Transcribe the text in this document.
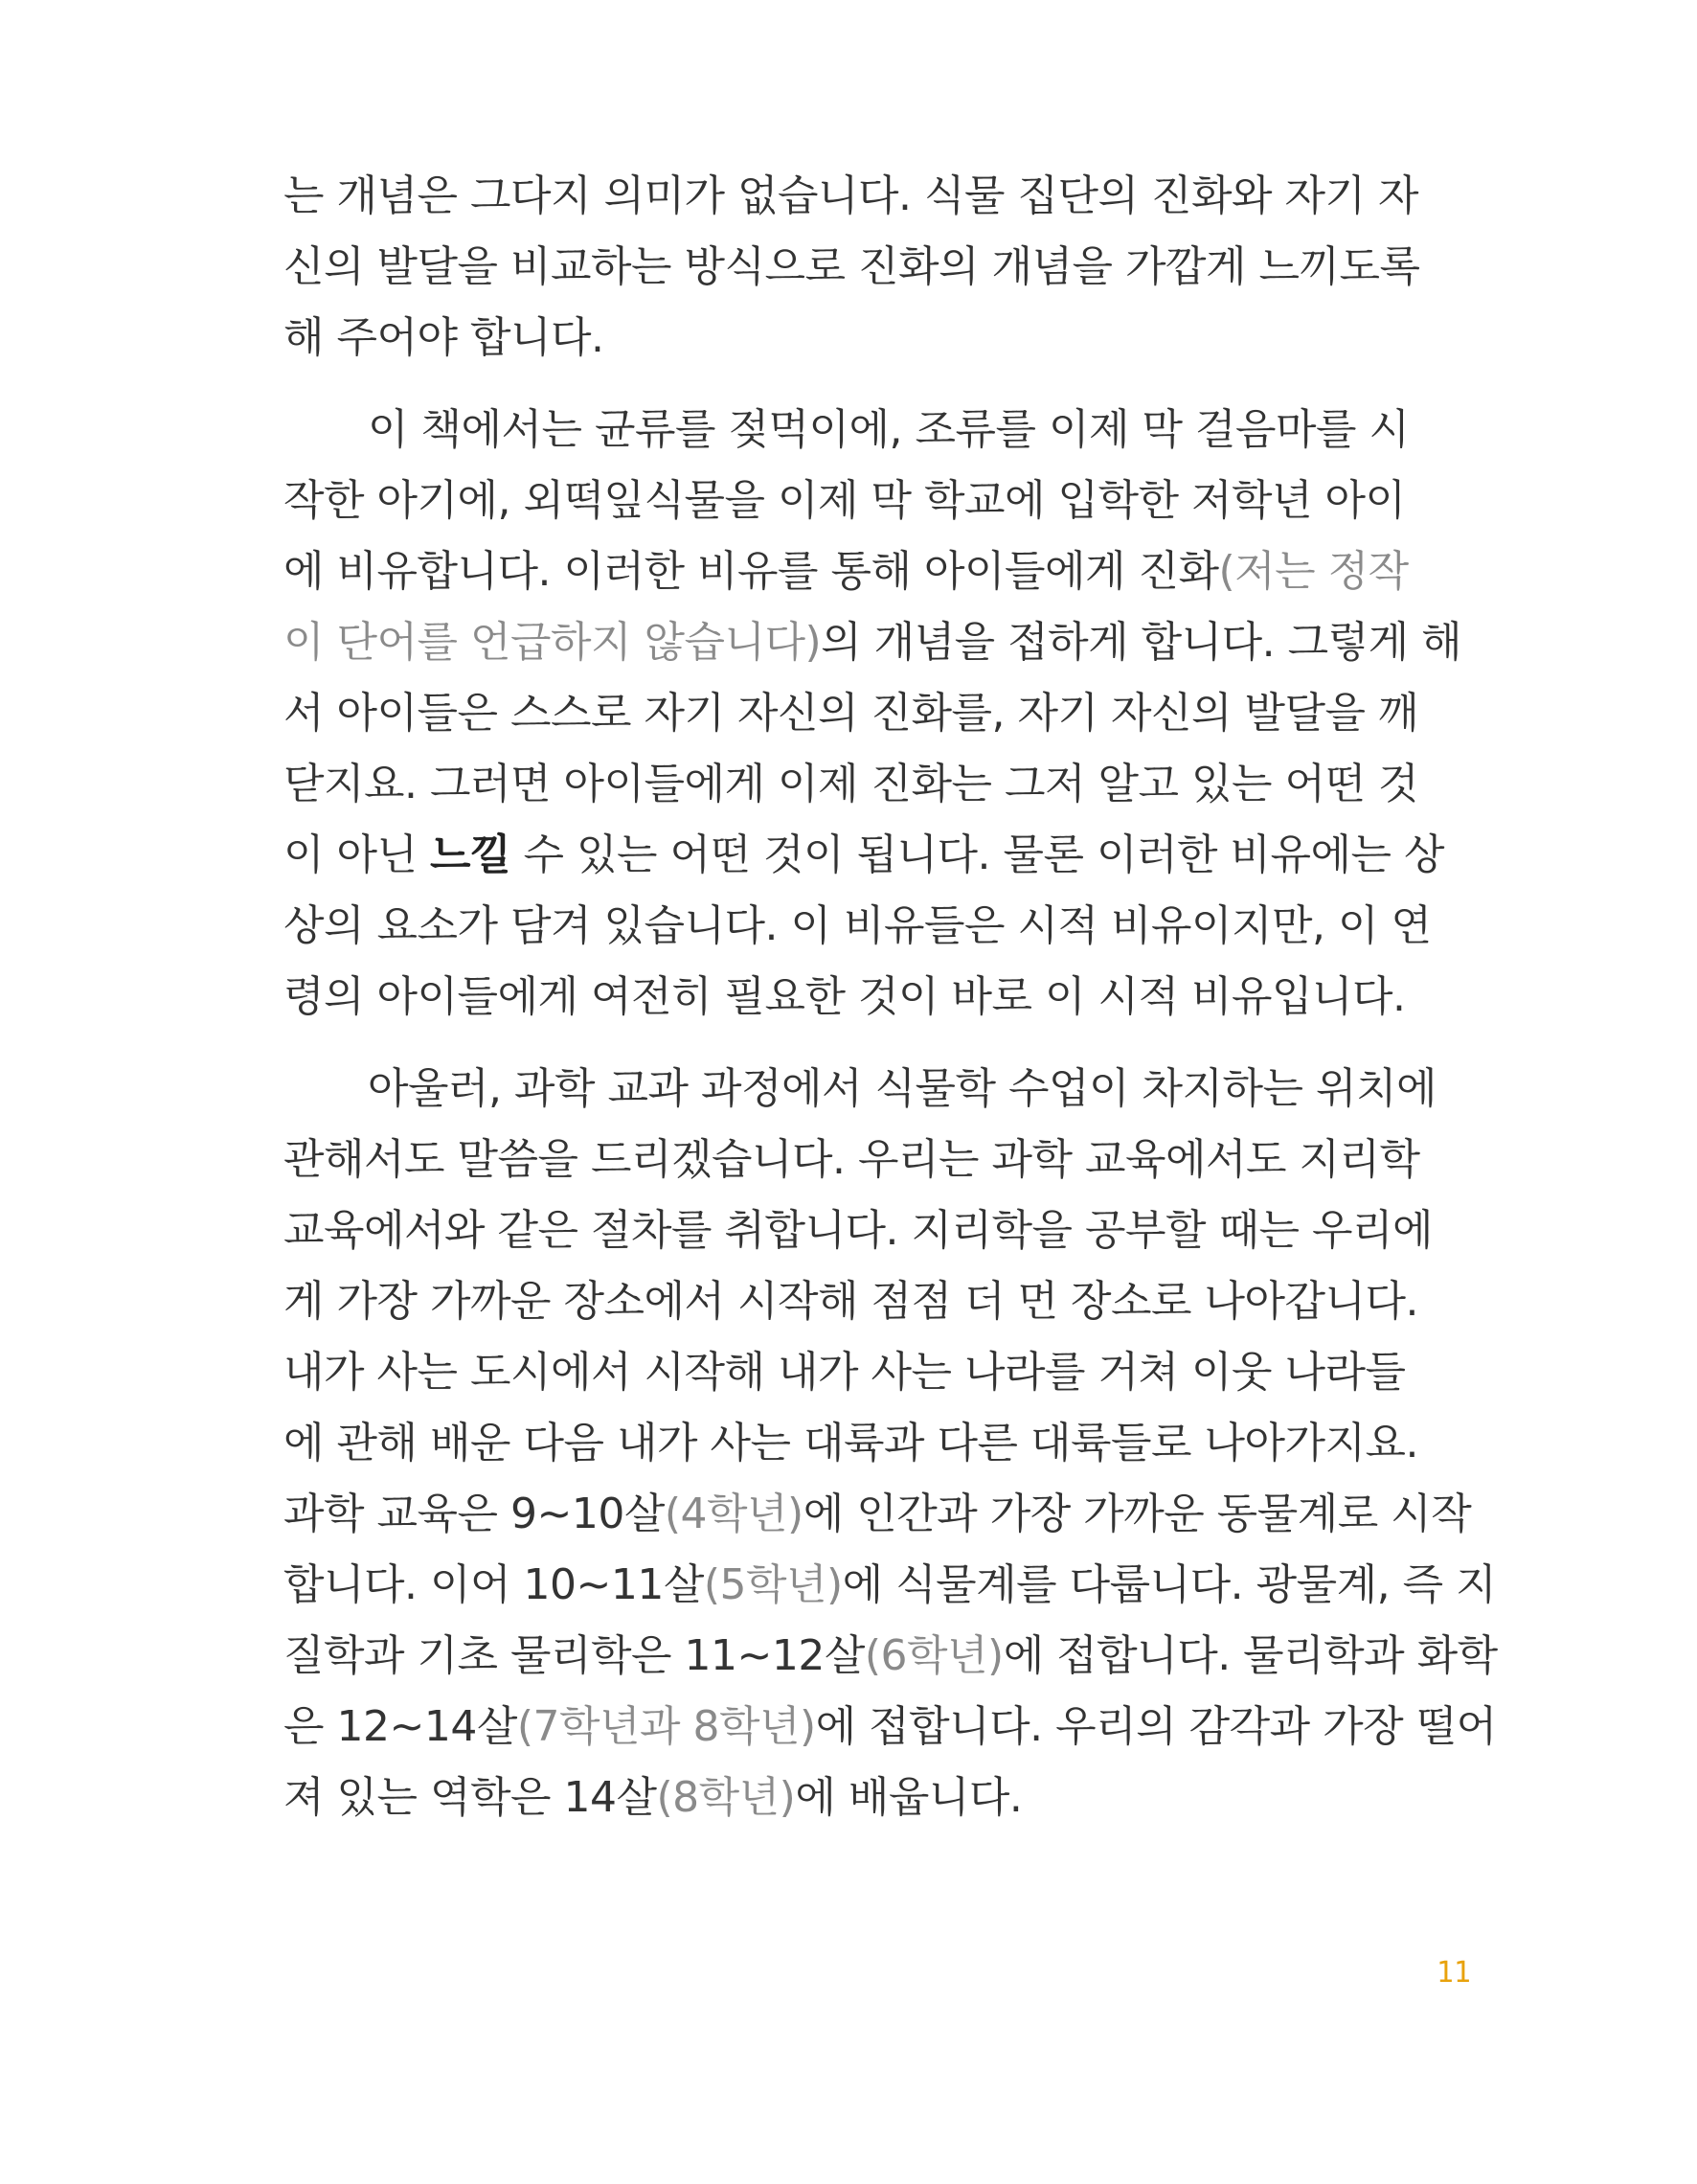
는 개념은 그다지 의미가 없습니다. 식물 집단의 진화와 자기 자
신의 발달을 비교하는 방식으로 진화의 개념을 가깝게 느끼도록
해 주어야 합니다.
이 책에서는 균류를 젖먹이에, 조류를 이제 막 걸음마를 시
작한 아기에, 외떡잎식물을 이제 막 학교에 입학한 저학년 아이
에 비유합니다. 이러한 비유를 통해 아이들에게 진화(저는 정작
이 단어를 언급하지 않습니다)의 개념을 접하게 합니다. 그렇게 해
서 아이들은 스스로 자기 자신의 진화를, 자기 자신의 발달을 깨
닫지요. 그러면 아이들에게 이제 진화는 그저 알고 있는 어떤 것
이 아닌 느낄 수 있는 어떤 것이 됩니다. 물론 이러한 비유에는 상
상의 요소가 담겨 있습니다. 이 비유들은 시적 비유이지만, 이 연
령의 아이들에게 여전히 필요한 것이 바로 이 시적 비유입니다.
아울러, 과학 교과 과정에서 식물학 수업이 차지하는 위치에
관해서도 말씀을 드리겠습니다. 우리는 과학 교육에서도 지리학
교육에서와 같은 절차를 취합니다. 지리학을 공부할 때는 우리에
게 가장 가까운 장소에서 시작해 점점 더 먼 장소로 나아갑니다.
내가 사는 도시에서 시작해 내가 사는 나라를 거쳐 이웃 나라들
에 관해 배운 다음 내가 사는 대륙과 다른 대륙들로 나아가지요.
과학 교육은 9~10살(4학년)에 인간과 가장 가까운 동물계로 시작
합니다. 이어 10~11살(5학년)에 식물계를 다룹니다. 광물계, 즉 지
질학과 기초 물리학은 11~12살(6학년)에 접합니다. 물리학과 화학
은 12~14살(7학년과 8학년)에 접합니다. 우리의 감각과 가장 떨어
져 있는 역학은 14살(8학년)에 배웁니다.
11
